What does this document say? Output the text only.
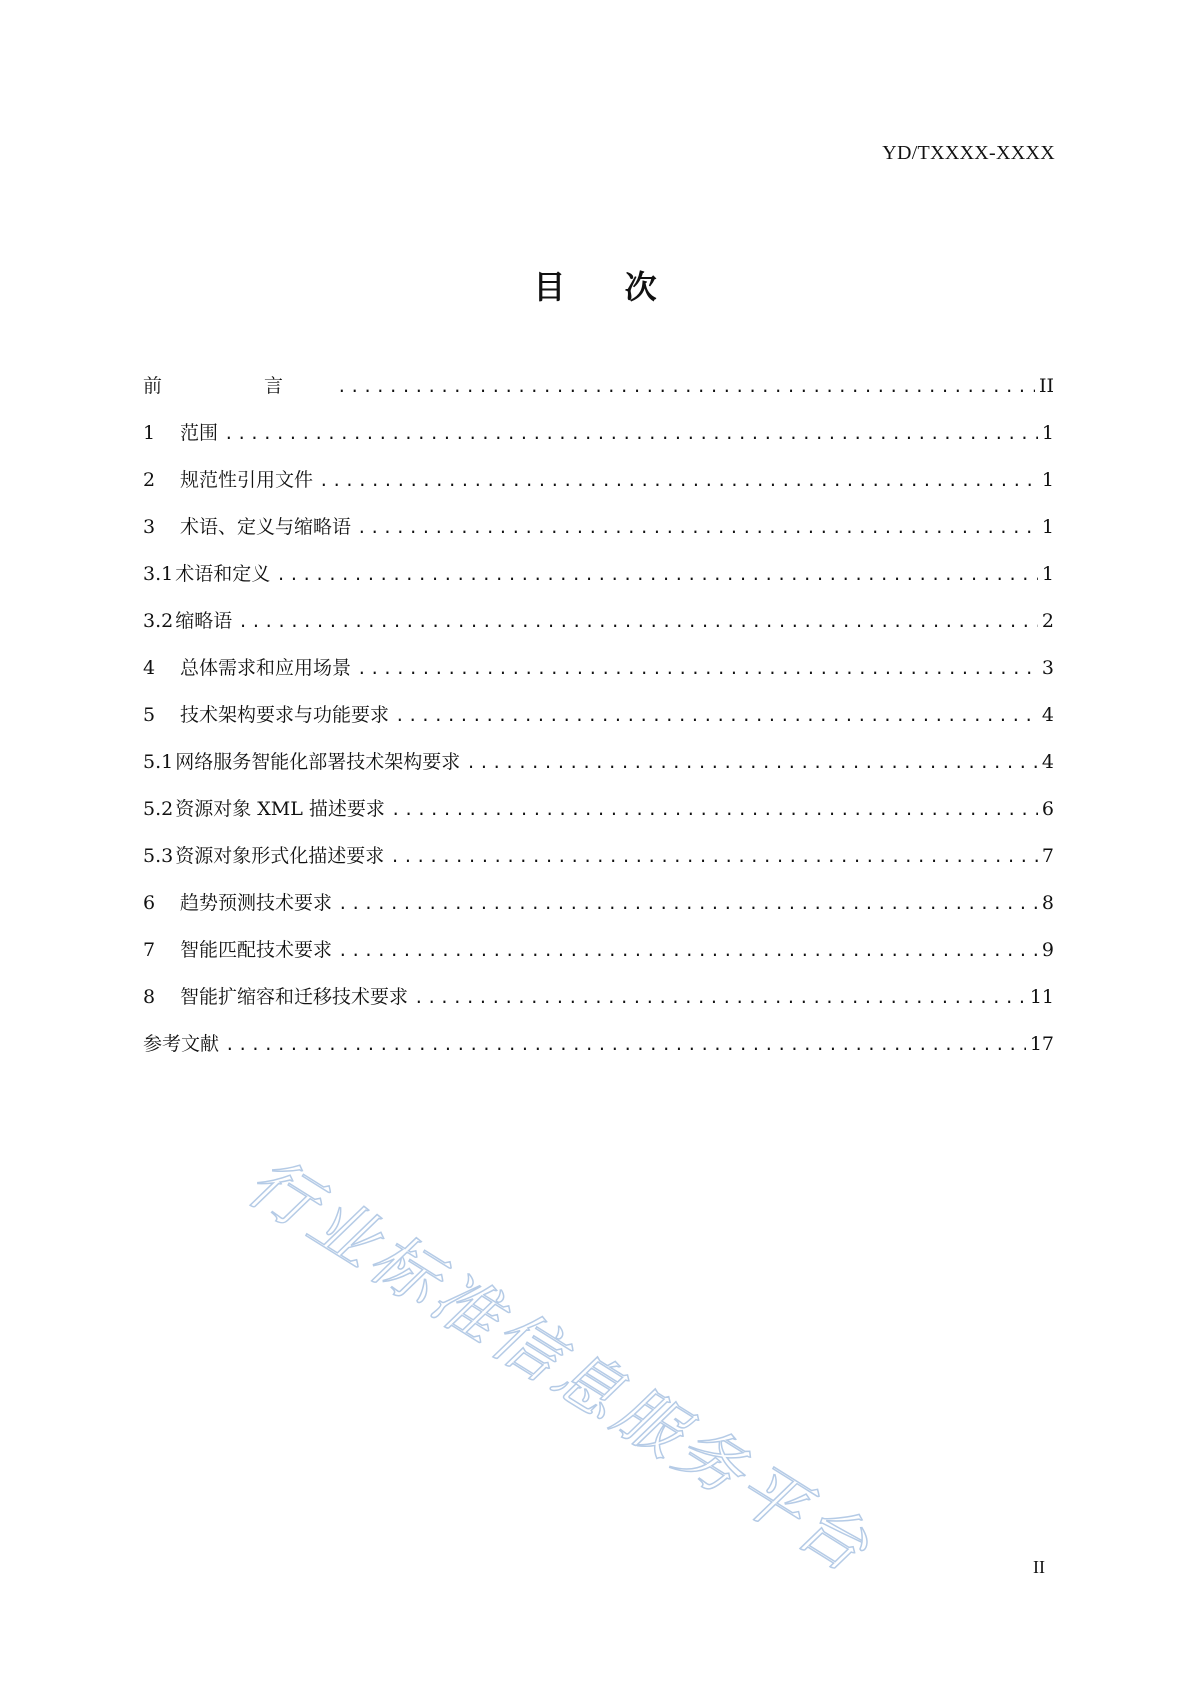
YD/TXXXX-XXXX
目 次
前 言 .....	II
1	范围 .....	1
2	规范性引用文件 .....	1
3	术语、定义与缩略语 .....	1
3.1 术语和定义 .....	1
3.2 缩略语 .....	2
4	总体需求和应用场景 .....	3
5	技术架构要求与功能要求 .....	4
5.1 网络服务智能化部署技术架构要求 .....	4
5.2 资源对象 XML 描述要求 .....	6
5.3 资源对象形式化描述要求 .....	7
6	趋势预测技术要求 .....	8
7	智能匹配技术要求 .....	9
8	智能扩缩容和迁移技术要求 .....	11
参考文献 .....	17
行业标准信息服务平台	II
